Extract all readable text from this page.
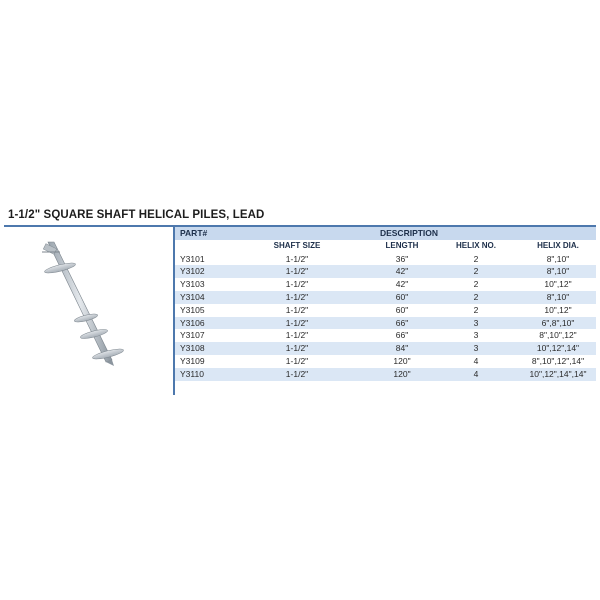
1-1/2" SQUARE SHAFT HELICAL PILES, LEAD
PART#	DESCRIPTION			
	SHAFT SIZE	LENGTH	HELIX NO.	HELIX DIA.
Y3101	1-1/2"	36"	2	8",10"
Y3102	1-1/2"	42"	2	8",10"
Y3103	1-1/2"	42"	2	10",12"
Y3104	1-1/2"	60"	2	8",10"
Y3105	1-1/2"	60"	2	10",12"
Y3106	1-1/2"	66"	3	6",8",10"
Y3107	1-1/2"	66"	3	8",10",12"
Y3108	1-1/2"	84"	3	10",12",14"
Y3109	1-1/2"	120"	4	8",10",12",14"
Y3110	1-1/2"	120"	4	10",12",14",14"
